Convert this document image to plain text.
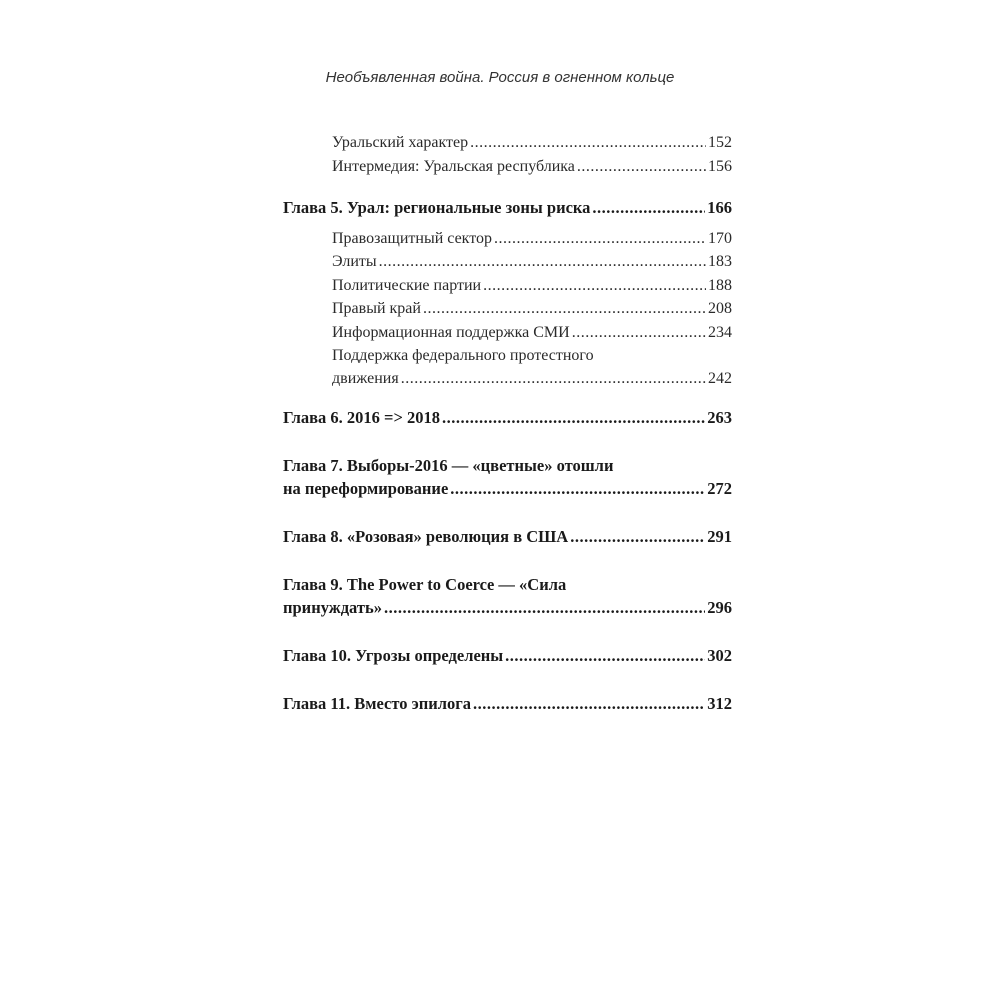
Необъявленная война. Россия в огненном кольце
Уральский характер .....	152
Интермедия: Уральская республика .....	156
Глава 5. Урал: региональные зоны риска .....	166
Правозащитный сектор .....	170
Элиты .....	183
Политические партии .....	188
Правый край .....	208
Информационная поддержка СМИ .....	234
Поддержка федерального протестного
движения .....	242
Глава 6. 2016 => 2018 .....	263
Глава 7. Выборы-2016 — «цветные» отошли
на переформирование .....	272
Глава 8. «Розовая» революция в США .....	291
Глава 9. The Power to Coerce — «Сила
принуждать» .....	296
Глава 10. Угрозы определены .....	302
Глава 11. Вместо эпилога .....	312
